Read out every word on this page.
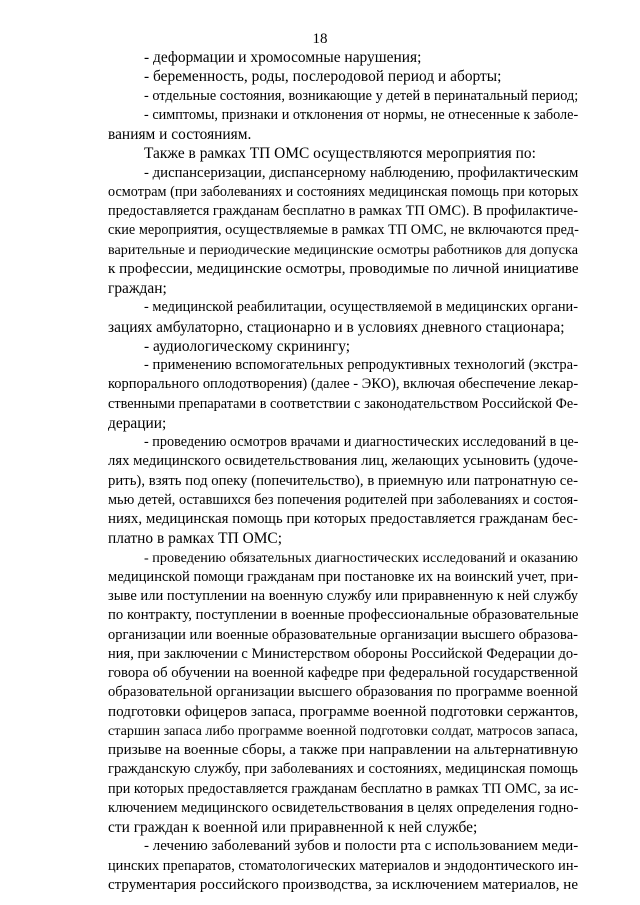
18
- деформации и хромосомные нарушения;
- беременность, роды, послеродовой период и аборты;
- отдельные состояния, возникающие у детей в перинатальный период;
- симптомы, признаки и отклонения от нормы, не отнесенные к заболе-
ваниям и состояниям.
Также в рамках ТП ОМС осуществляются мероприятия по:
- диспансеризации, диспансерному наблюдению, профилактическим
осмотрам (при заболеваниях и состояниях медицинская помощь при которых
предоставляется гражданам бесплатно в рамках ТП ОМС). В профилактиче-
ские мероприятия, осуществляемые в рамках ТП ОМС, не включаются пред-
варительные и периодические медицинские осмотры работников для допуска
к профессии, медицинские осмотры, проводимые по личной инициативе
граждан;
- медицинской реабилитации, осуществляемой в медицинских органи-
зациях амбулаторно, стационарно и в условиях дневного стационара;
- аудиологическому скринингу;
- применению вспомогательных репродуктивных технологий (экстра-
корпорального оплодотворения) (далее - ЭКО), включая обеспечение лекар-
ственными препаратами в соответствии с законодательством Российской Фе-
дерации;
- проведению осмотров врачами и диагностических исследований в це-
лях медицинского освидетельствования лиц, желающих усыновить (удоче-
рить), взять под опеку (попечительство), в приемную или патронатную се-
мью детей, оставшихся без попечения родителей при заболеваниях и состоя-
ниях, медицинская помощь при которых предоставляется гражданам бес-
платно в рамках ТП ОМС;
- проведению обязательных диагностических исследований и оказанию
медицинской помощи гражданам при постановке их на воинский учет, при-
зыве или поступлении на военную службу или приравненную к ней службу
по контракту, поступлении в военные профессиональные образовательные
организации или военные образовательные организации высшего образова-
ния, при заключении с Министерством обороны Российской Федерации до-
говора об обучении на военной кафедре при федеральной государственной
образовательной организации высшего образования по программе военной
подготовки офицеров запаса, программе военной подготовки сержантов,
старшин запаса либо программе военной подготовки солдат, матросов запаса,
призыве на военные сборы, а также при направлении на альтернативную
гражданскую службу, при заболеваниях и состояниях, медицинская помощь
при которых предоставляется гражданам бесплатно в рамках ТП ОМС, за ис-
ключением медицинского освидетельствования в целях определения годно-
сти граждан к военной или приравненной к ней службе;
- лечению заболеваний зубов и полости рта с использованием меди-
цинских препаратов, стоматологических материалов и эндодонтического ин-
струментария российского производства, за исключением материалов, не
